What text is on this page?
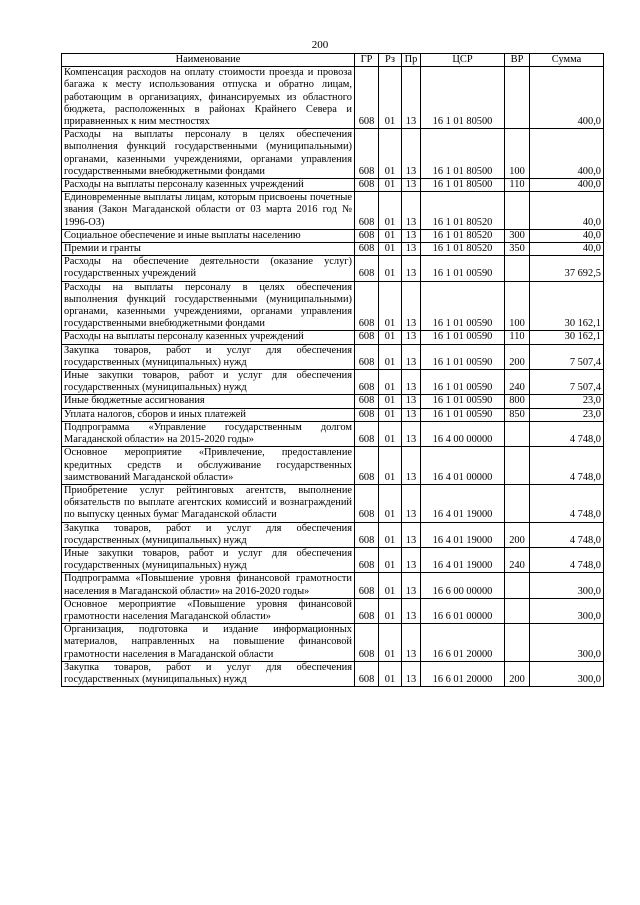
200
Наименование	ГР	Рз	Пр	ЦСР	ВР	Сумма
Компенсация расходов на оплату стоимости проезда и провоза багажа к месту использования отпуска и обратно лицам, работающим в организациях, финансируемых из областного бюджета, расположенных в районах Крайнего Севера и приравненных к ним местностях	608	01	13	16 1 01 80500		400,0
Расходы на выплаты персоналу в целях обеспечения выполнения функций государственными (муниципальными) органами, казенными учреждениями, органами управления государственными внебюджетными фондами	608	01	13	16 1 01 80500	100	400,0
Расходы на выплаты персоналу казенных учреждений	608	01	13	16 1 01 80500	110	400,0
Единовременные выплаты лицам, которым присвоены почетные звания (Закон Магаданской области от 03 марта 2016 год № 1996-ОЗ)	608	01	13	16 1 01 80520		40,0
Социальное обеспечение и иные выплаты населению	608	01	13	16 1 01 80520	300	40,0
Премии и гранты	608	01	13	16 1 01 80520	350	40,0
Расходы на обеспечение деятельности (оказание услуг) государственных учреждений	608	01	13	16 1 01 00590		37 692,5
Расходы на выплаты персоналу в целях обеспечения выполнения функций государственными (муниципальными) органами, казенными учреждениями, органами управления государственными внебюджетными фондами	608	01	13	16 1 01 00590	100	30 162,1
Расходы на выплаты персоналу казенных учреждений	608	01	13	16 1 01 00590	110	30 162,1
Закупка товаров, работ и услуг для обеспечения государственных (муниципальных) нужд	608	01	13	16 1 01 00590	200	7 507,4
Иные закупки товаров, работ и услуг для обеспечения государственных (муниципальных) нужд	608	01	13	16 1 01 00590	240	7 507,4
Иные бюджетные ассигнования	608	01	13	16 1 01 00590	800	23,0
Уплата налогов, сборов и иных платежей	608	01	13	16 1 01 00590	850	23,0
Подпрограмма «Управление государственным долгом Магаданской области» на 2015-2020 годы»	608	01	13	16 4 00 00000		4 748,0
Основное мероприятие «Привлечение, предоставление кредитных средств и обслуживание государственных заимствований Магаданской области»	608	01	13	16 4 01 00000		4 748,0
Приобретение услуг рейтинговых агентств, выполнение обязательств по выплате агентских комиссий и вознаграждений по выпуску ценных бумаг Магаданской области	608	01	13	16 4 01 19000		4 748,0
Закупка товаров, работ и услуг для обеспечения государственных (муниципальных) нужд	608	01	13	16 4 01 19000	200	4 748,0
Иные закупки товаров, работ и услуг для обеспечения государственных (муниципальных) нужд	608	01	13	16 4 01 19000	240	4 748,0
Подпрограмма «Повышение уровня финансовой грамотности населения в Магаданской области» на 2016-2020 годы»	608	01	13	16 6 00 00000		300,0
Основное мероприятие «Повышение уровня финансовой грамотности населения Магаданской области»	608	01	13	16 6 01 00000		300,0
Организация, подготовка и издание информационных материалов, направленных на повышение финансовой грамотности населения в Магаданской области	608	01	13	16 6 01 20000		300,0
Закупка товаров, работ и услуг для обеспечения государственных (муниципальных) нужд	608	01	13	16 6 01 20000	200	300,0
